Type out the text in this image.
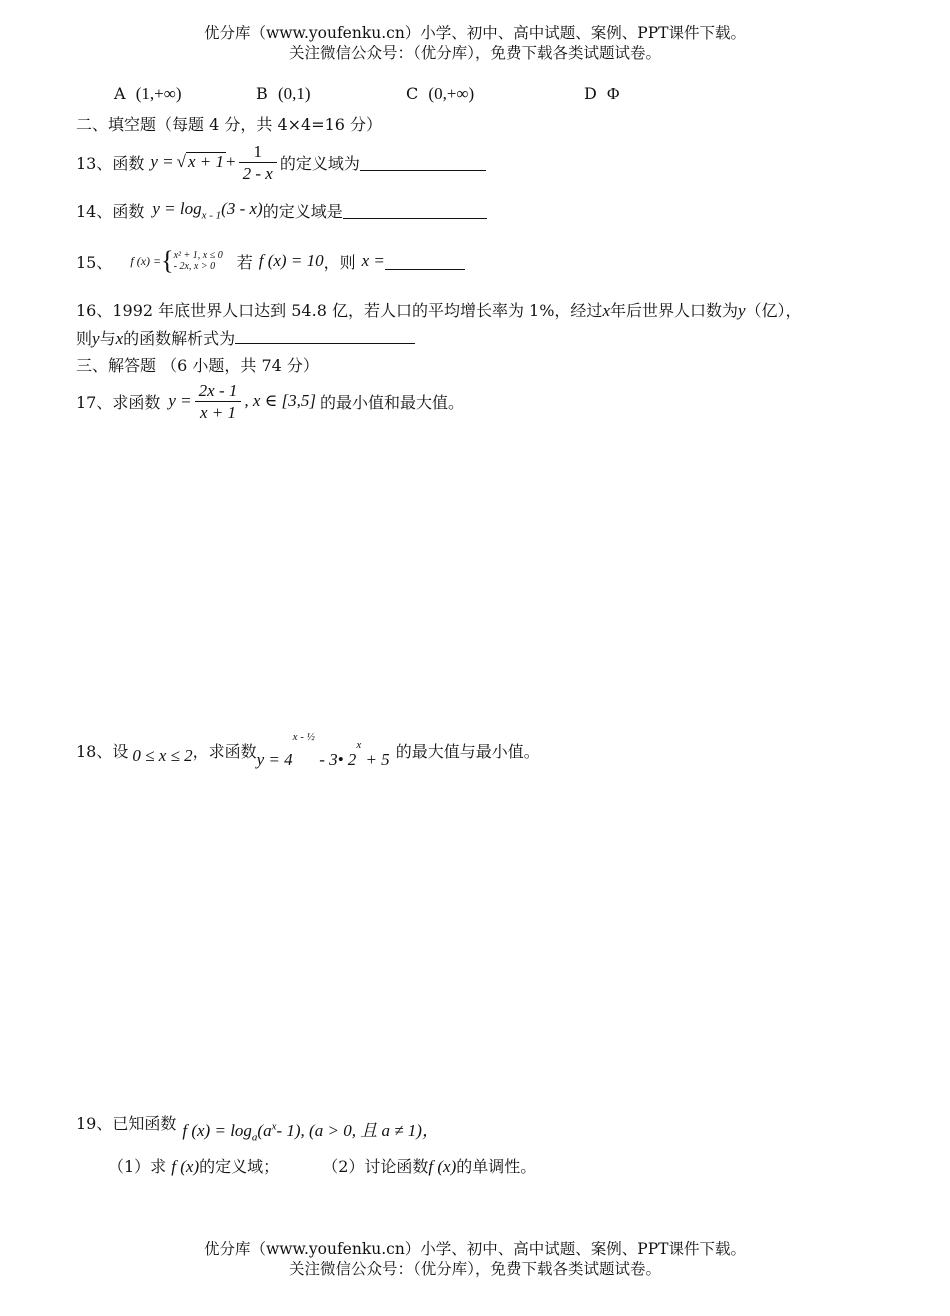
优分库（www.youfenku.cn）小学、初中、高中试题、案例、PPT课件下载。
关注微信公众号：（优分库），免费下载各类试题试卷。
A (1,+∞)	B (0,1)	C (0,+∞)	D Φ
二、填空题（每题 4 分，共 4×4=16 分）
13、函数 y = √ $x + 1 + \frac{1}{2 - x}$ 的定义域为
14、函数 $y = \log_{x - 1}(3 - x)$ 的定义域是
15、 f (x) = { x² + 1, x ≤ 0
- 2x, x > 0	若 f (x) = 10 ，则 x =
16、1992 年底世界人口达到 54.8 亿，若人口的平均增长率为 1%，经过x年后世界人口数为y（亿），
则y与x的函数解析式为
三、解答题 （6 小题，共 74 分）
17、求函数 $y = \frac{2x - 1}{x + 1}$ , x ∈ [3,5] 的最小值和最大值。
18、设 0 ≤ x ≤ 2 ，求函数 y = 4x - ½ - 3• 2x + 5 的最大值与最小值。
19、已知函数 f $(x) = \log_a(a^x-$ 1), (a > 0, 且 a ≠ 1)，
（1）求 f (x)的定义域；	（2）讨论函数f (x)的单调性。
优分库（www.youfenku.cn）小学、初中、高中试题、案例、PPT课件下载。
关注微信公众号：（优分库），免费下载各类试题试卷。
